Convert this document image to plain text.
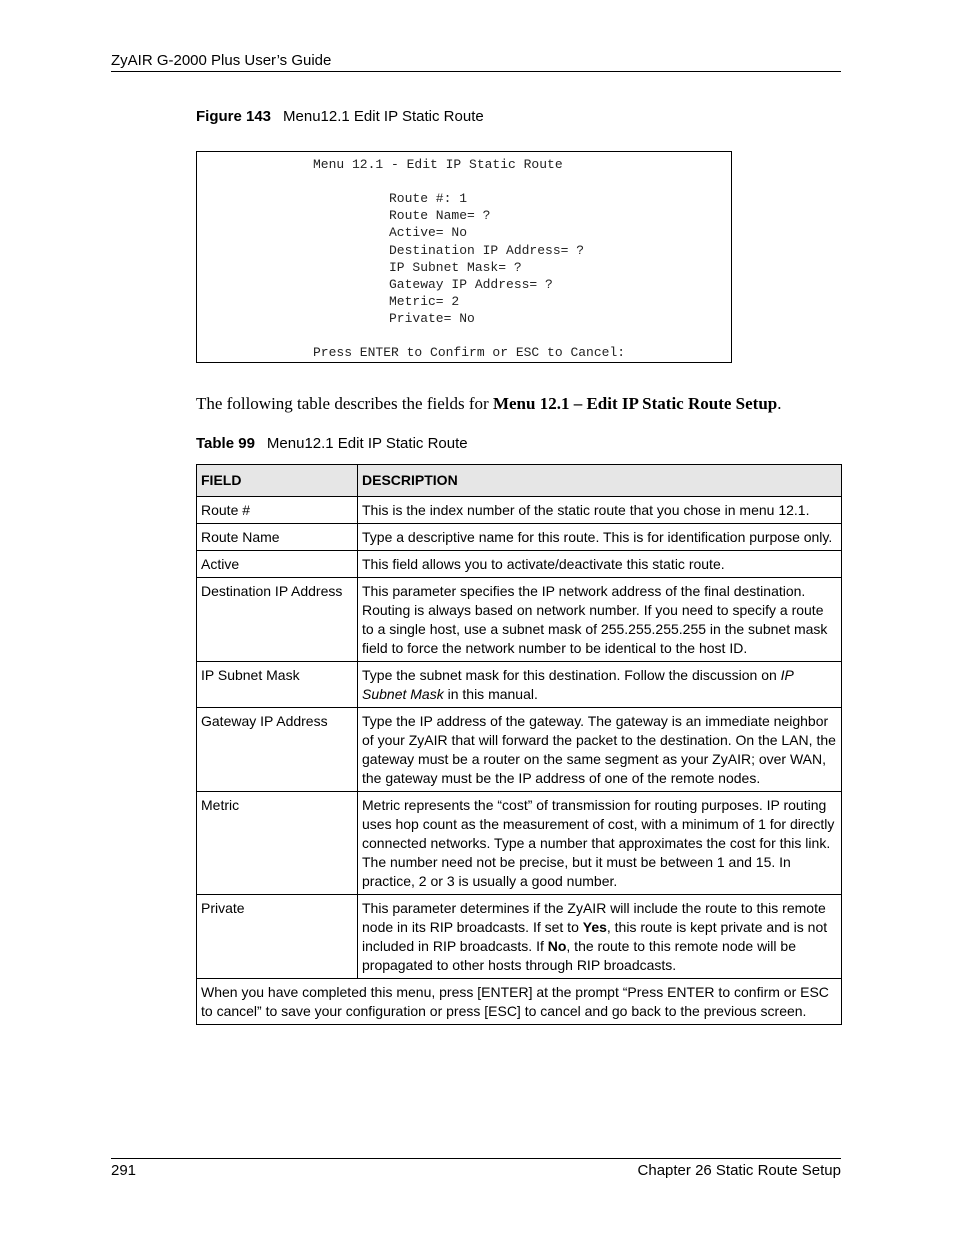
ZyAIR G-2000 Plus User’s Guide
Figure 143 Menu12.1 Edit IP Static Route
Menu 12.1 - Edit IP Static Route
Route #: 1
Route Name= ?
Active= No
Destination IP Address= ?
IP Subnet Mask= ?
Gateway IP Address= ?
Metric= 2
Private= No
Press ENTER to Confirm or ESC to Cancel:
The following table describes the fields for Menu 12.1 – Edit IP Static Route Setup.
Table 99 Menu12.1 Edit IP Static Route
FIELD	DESCRIPTION
Route #	This is the index number of the static route that you chose in menu 12.1.
Route Name	Type a descriptive name for this route. This is for identification purpose only.
Active	This field allows you to activate/deactivate this static route.
Destination IP Address	This parameter specifies the IP network address of the final destination. Routing is always based on network number. If you need to specify a route to a single host, use a subnet mask of 255.255.255.255 in the subnet mask field to force the network number to be identical to the host ID.
IP Subnet Mask	Type the subnet mask for this destination. Follow the discussion on IP Subnet Mask in this manual.
Gateway IP Address	Type the IP address of the gateway. The gateway is an immediate neighbor of your ZyAIR that will forward the packet to the destination. On the LAN, the gateway must be a router on the same segment as your ZyAIR; over WAN, the gateway must be the IP address of one of the remote nodes.
Metric	Metric represents the “cost” of transmission for routing purposes. IP routing uses hop count as the measurement of cost, with a minimum of 1 for directly connected networks. Type a number that approximates the cost for this link. The number need not be precise, but it must be between 1 and 15. In practice, 2 or 3 is usually a good number.
Private	This parameter determines if the ZyAIR will include the route to this remote node in its RIP broadcasts. If set to Yes, this route is kept private and is not included in RIP broadcasts. If No, the route to this remote node will be propagated to other hosts through RIP broadcasts.
When you have completed this menu, press [ENTER] at the prompt “Press ENTER to confirm or ESC to cancel” to save your configuration or press [ESC] to cancel and go back to the previous screen.	
291	Chapter 26 Static Route Setup
